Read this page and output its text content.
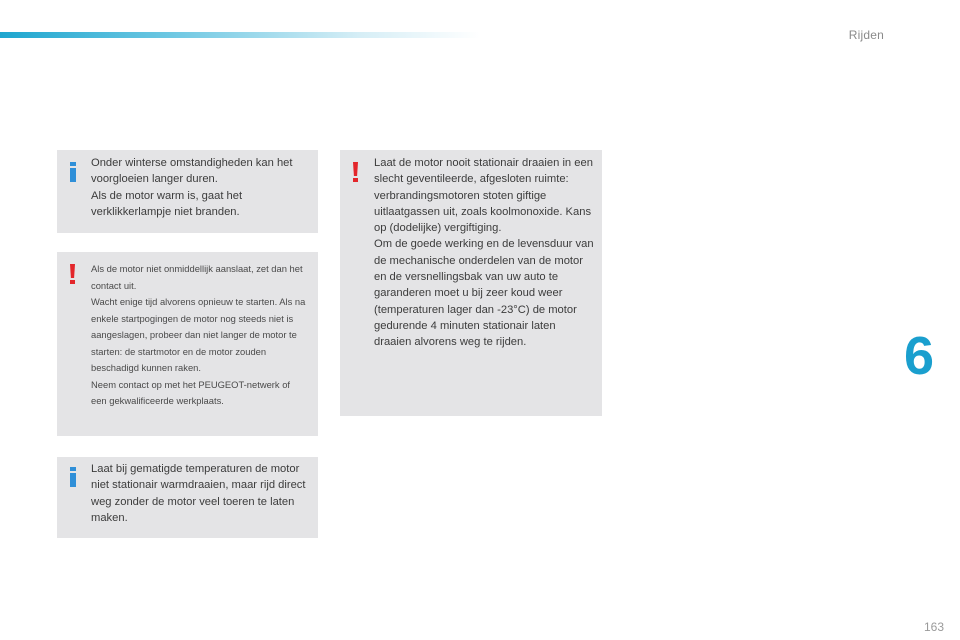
Rijden
Onder winterse omstandigheden kan het voorgloeien langer duren.
Als de motor warm is, gaat het verklikkerlampje niet branden.
Als de motor niet onmiddellijk aanslaat, zet dan het contact uit.
Wacht enige tijd alvorens opnieuw te starten. Als na enkele startpogingen de motor nog steeds niet is aangeslagen, probeer dan niet langer de motor te starten: de startmotor en de motor zouden beschadigd kunnen raken.
Neem contact op met het PEUGEOT-netwerk of een gekwalificeerde werkplaats.
Laat bij gematigde temperaturen de motor niet stationair warmdraaien, maar rijd direct weg zonder de motor veel toeren te laten maken.
Laat de motor nooit stationair draaien in een slecht geventileerde, afgesloten ruimte: verbrandingsmotoren stoten giftige uitlaatgassen uit, zoals koolmonoxide. Kans op (dodelijke) vergiftiging.
Om de goede werking en de levensduur van de mechanische onderdelen van de motor en de versnellingsbak van uw auto te garanderen moet u bij zeer koud weer (temperaturen lager dan -23°C) de motor gedurende 4 minuten stationair laten draaien alvorens weg te rijden.	6
163
